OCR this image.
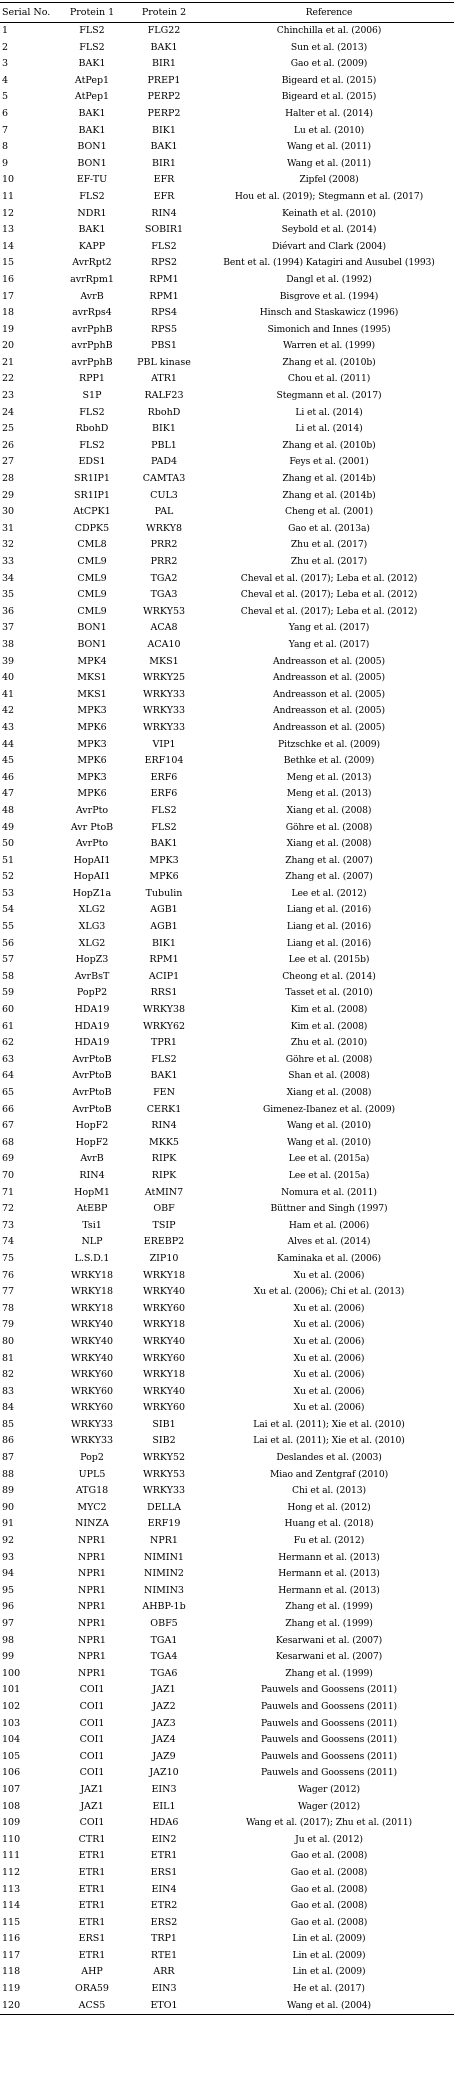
Serial No.	Protein 1	Protein 2	Reference
1	FLS2	FLG22	Chinchilla et al. (2006)
2	FLS2	BAK1	Sun et al. (2013)
3	BAK1	BIR1	Gao et al. (2009)
4	AtPep1	PREP1	Bigeard et al. (2015)
5	AtPep1	PERP2	Bigeard et al. (2015)
6	BAK1	PERP2	Halter et al. (2014)
7	BAK1	BIK1	Lu et al. (2010)
8	BON1	BAK1	Wang et al. (2011)
9	BON1	BIR1	Wang et al. (2011)
10	EF-TU	EFR	Zipfel (2008)
11	FLS2	EFR	Hou et al. (2019); Stegmann et al. (2017)
12	NDR1	RIN4	Keinath et al. (2010)
13	BAK1	SOBIR1	Seybold et al. (2014)
14	KAPP	FLS2	Diévart and Clark (2004)
15	AvrRpt2	RPS2	Bent et al. (1994) Katagiri and Ausubel (1993)
16	avrRpm1	RPM1	Dangl et al. (1992)
17	AvrB	RPM1	Bisgrove et al. (1994)
18	avrRps4	RPS4	Hinsch and Staskawicz (1996)
19	avrPphB	RPS5	Simonich and Innes (1995)
20	avrPphB	PBS1	Warren et al. (1999)
21	avrPphB	PBL kinase	Zhang et al. (2010b)
22	RPP1	ATR1	Chou et al. (2011)
23	S1P	RALF23	Stegmann et al. (2017)
24	FLS2	RbohD	Li et al. (2014)
25	RbohD	BIK1	Li et al. (2014)
26	FLS2	PBL1	Zhang et al. (2010b)
27	EDS1	PAD4	Feys et al. (2001)
28	SR1IP1	CAMTA3	Zhang et al. (2014b)
29	SR1IP1	CUL3	Zhang et al. (2014b)
30	AtCPK1	PAL	Cheng et al. (2001)
31	CDPK5	WRKY8	Gao et al. (2013a)
32	CML8	PRR2	Zhu et al. (2017)
33	CML9	PRR2	Zhu et al. (2017)
34	CML9	TGA2	Cheval et al. (2017); Leba et al. (2012)
35	CML9	TGA3	Cheval et al. (2017); Leba et al. (2012)
36	CML9	WRKY53	Cheval et al. (2017); Leba et al. (2012)
37	BON1	ACA8	Yang et al. (2017)
38	BON1	ACA10	Yang et al. (2017)
39	MPK4	MKS1	Andreasson et al. (2005)
40	MKS1	WRKY25	Andreasson et al. (2005)
41	MKS1	WRKY33	Andreasson et al. (2005)
42	MPK3	WRKY33	Andreasson et al. (2005)
43	MPK6	WRKY33	Andreasson et al. (2005)
44	MPK3	VIP1	Pitzschke et al. (2009)
45	MPK6	ERF104	Bethke et al. (2009)
46	MPK3	ERF6	Meng et al. (2013)
47	MPK6	ERF6	Meng et al. (2013)
48	AvrPto	FLS2	Xiang et al. (2008)
49	Avr PtoB	FLS2	Göhre et al. (2008)
50	AvrPto	BAK1	Xiang et al. (2008)
51	HopAI1	MPK3	Zhang et al. (2007)
52	HopAI1	MPK6	Zhang et al. (2007)
53	HopZ1a	Tubulin	Lee et al. (2012)
54	XLG2	AGB1	Liang et al. (2016)
55	XLG3	AGB1	Liang et al. (2016)
56	XLG2	BIK1	Liang et al. (2016)
57	HopZ3	RPM1	Lee et al. (2015b)
58	AvrBsT	ACIP1	Cheong et al. (2014)
59	PopP2	RRS1	Tasset et al. (2010)
60	HDA19	WRKY38	Kim et al. (2008)
61	HDA19	WRKY62	Kim et al. (2008)
62	HDA19	TPR1	Zhu et al. (2010)
63	AvrPtoB	FLS2	Göhre et al. (2008)
64	AvrPtoB	BAK1	Shan et al. (2008)
65	AvrPtoB	FEN	Xiang et al. (2008)
66	AvrPtoB	CERK1	Gimenez-Ibanez et al. (2009)
67	HopF2	RIN4	Wang et al. (2010)
68	HopF2	MKK5	Wang et al. (2010)
69	AvrB	RIPK	Lee et al. (2015a)
70	RIN4	RIPK	Lee et al. (2015a)
71	HopM1	AtMIN7	Nomura et al. (2011)
72	AtEBP	OBF	Büttner and Singh (1997)
73	Tsi1	TSIP	Ham et al. (2006)
74	NLP	EREBP2	Alves et al. (2014)
75	L.S.D.1	ZIP10	Kaminaka et al. (2006)
76	WRKY18	WRKY18	Xu et al. (2006)
77	WRKY18	WRKY40	Xu et al. (2006); Chi et al. (2013)
78	WRKY18	WRKY60	Xu et al. (2006)
79	WRKY40	WRKY18	Xu et al. (2006)
80	WRKY40	WRKY40	Xu et al. (2006)
81	WRKY40	WRKY60	Xu et al. (2006)
82	WRKY60	WRKY18	Xu et al. (2006)
83	WRKY60	WRKY40	Xu et al. (2006)
84	WRKY60	WRKY60	Xu et al. (2006)
85	WRKY33	SIB1	Lai et al. (2011); Xie et al. (2010)
86	WRKY33	SIB2	Lai et al. (2011); Xie et al. (2010)
87	Pop2	WRKY52	Deslandes et al. (2003)
88	UPL5	WRKY53	Miao and Zentgraf (2010)
89	ATG18	WRKY33	Chi et al. (2013)
90	MYC2	DELLA	Hong et al. (2012)
91	NINZA	ERF19	Huang et al. (2018)
92	NPR1	NPR1	Fu et al. (2012)
93	NPR1	NIMIN1	Hermann et al. (2013)
94	NPR1	NIMIN2	Hermann et al. (2013)
95	NPR1	NIMIN3	Hermann et al. (2013)
96	NPR1	AHBP-1b	Zhang et al. (1999)
97	NPR1	OBF5	Zhang et al. (1999)
98	NPR1	TGA1	Kesarwani et al. (2007)
99	NPR1	TGA4	Kesarwani et al. (2007)
100	NPR1	TGA6	Zhang et al. (1999)
101	COI1	JAZ1	Pauwels and Goossens (2011)
102	COI1	JAZ2	Pauwels and Goossens (2011)
103	COI1	JAZ3	Pauwels and Goossens (2011)
104	COI1	JAZ4	Pauwels and Goossens (2011)
105	COI1	JAZ9	Pauwels and Goossens (2011)
106	COI1	JAZ10	Pauwels and Goossens (2011)
107	JAZ1	EIN3	Wager (2012)
108	JAZ1	EIL1	Wager (2012)
109	COI1	HDA6	Wang et al. (2017); Zhu et al. (2011)
110	CTR1	EIN2	Ju et al. (2012)
111	ETR1	ETR1	Gao et al. (2008)
112	ETR1	ERS1	Gao et al. (2008)
113	ETR1	EIN4	Gao et al. (2008)
114	ETR1	ETR2	Gao et al. (2008)
115	ETR1	ERS2	Gao et al. (2008)
116	ERS1	TRP1	Lin et al. (2009)
117	ETR1	RTE1	Lin et al. (2009)
118	AHP	ARR	Lin et al. (2009)
119	ORA59	EIN3	He et al. (2017)
120	ACS5	ETO1	Wang et al. (2004)
